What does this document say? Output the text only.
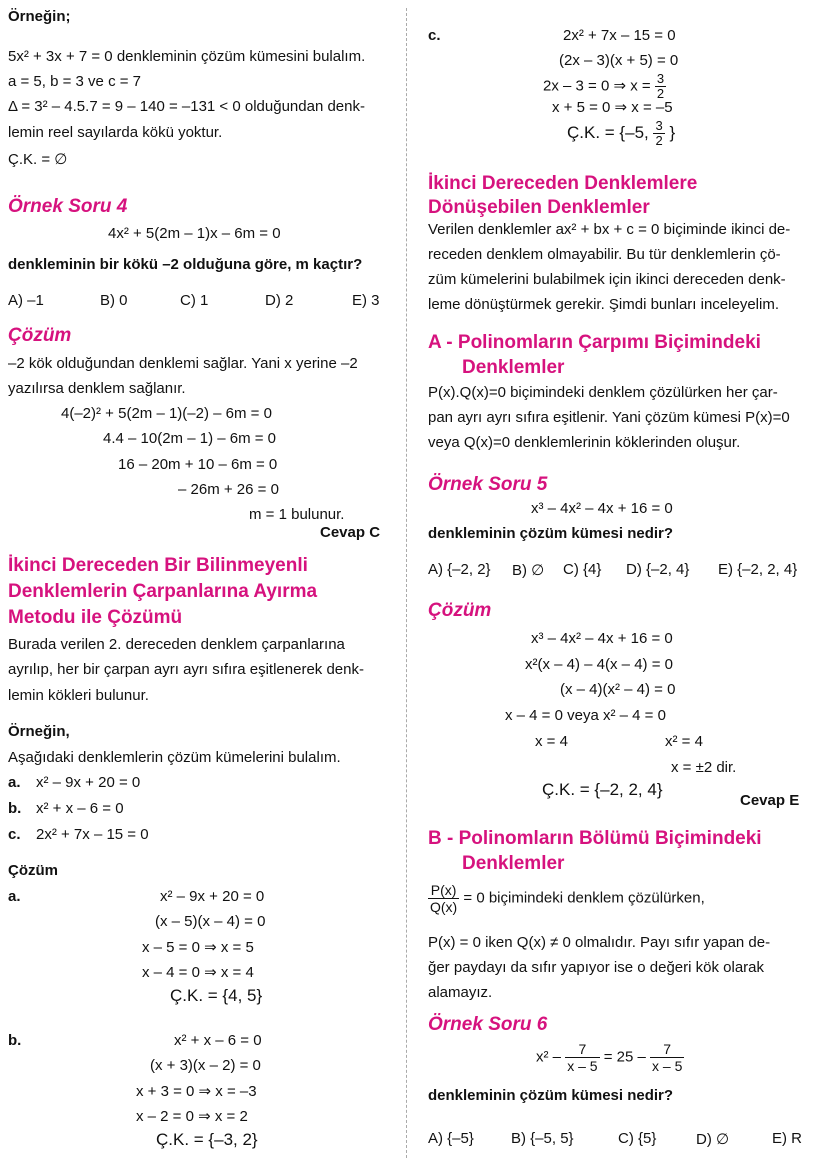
Örneğin;
5x² + 3x + 7 = 0 denkleminin çözüm kümesini bulalım.
a = 5, b = 3 ve c = 7
Δ = 3² – 4.5.7 = 9 – 140 = –131 < 0 olduğundan denk-
lemin reel sayılarda kökü yoktur.
Ç.K. = ∅
Örnek Soru 4
4x² + 5(2m – 1)x – 6m = 0
denkleminin bir kökü –2 olduğuna göre, m kaçtır?
A) –1	B) 0	C) 1	D) 2	E) 3
Çözüm
–2 kök olduğundan denklemi sağlar. Yani x yerine –2
yazılırsa denklem sağlanır.
4(–2)² + 5(2m – 1)(–2) – 6m = 0
4.4 – 10(2m – 1) – 6m = 0
16 – 20m + 10 – 6m = 0
– 26m + 26 = 0
m = 1 bulunur.
Cevap C
İkinci Dereceden Bir Bilinmeyenli
Denklemlerin Çarpanlarına Ayırma
Metodu ile Çözümü
Burada verilen 2. dereceden denklem çarpanlarına
ayrılıp, her bir çarpan ayrı ayrı sıfıra eşitlenerek denk-
lemin kökleri bulunur.
Örneğin,
Aşağıdaki denklemlerin çözüm kümelerini bulalım.
a. x² – 9x + 20 = 0
b. x² + x – 6 = 0
c. 2x² + 7x – 15 = 0
Çözüm
a.	x² – 9x + 20 = 0
(x – 5)(x – 4) = 0
x – 5 = 0 ⇒ x = 5
x – 4 = 0 ⇒ x = 4
Ç.K. = {4, 5}
b.	x² + x – 6 = 0
(x + 3)(x – 2) = 0
x + 3 = 0 ⇒ x = –3
x – 2 = 0 ⇒ x = 2
Ç.K. = {–3, 2}
c.	2x² + 7x – 15 = 0
(2x – 3)(x + 5) = 0
2x – 3 = 0 ⇒ $x = \frac{3}{2}$
x + 5 = 0 ⇒ x = –5
Ç.K. = {–5, $\frac{3}{2}$ }
İkinci Dereceden Denklemlere
Dönüşebilen Denklemler
Verilen denklemler ax² + bx + c = 0 biçiminde ikinci de-
receden denklem olmayabilir. Bu tür denklemlerin çö-
züm kümelerini bulabilmek için ikinci dereceden denk-
leme dönüştürmek gerekir. Şimdi bunları inceleyelim.
A - Polinomların Çarpımı Biçimindeki
Denklemler
P(x).Q(x)=0 biçimindeki denklem çözülürken her çar-
pan ayrı ayrı sıfıra eşitlenir. Yani çözüm kümesi P(x)=0
veya Q(x)=0 denklemlerinin köklerinden oluşur.
Örnek Soru 5
x³ – 4x² – 4x + 16 = 0
denkleminin çözüm kümesi nedir?
A) {–2, 2} B) ∅ C) {4} D) {–2, 4} E) {–2, 2, 4}
Çözüm
x³ – 4x² – 4x + 16 = 0
x²(x – 4) – 4(x – 4) = 0
(x – 4)(x² – 4) = 0
x – 4 = 0 veya x² – 4 = 0
x = 4	x² = 4
x = ±2 dir.
Ç.K. = {–2, 2, 4}
Cevap E
B - Polinomların Bölümü Biçimindeki
Denklemler
$\frac{P(x)}{Q(x)} = 0$ biçimindeki denklem çözülürken,
P(x) = 0 iken Q(x) ≠ 0 olmalıdır. Payı sıfır yapan de-
ğer paydayı da sıfır yapıyor ise o değeri kök olarak
alamayız.
Örnek Soru 6
$x^2 - \frac{7}{x - 5} = 25 - \frac{7}{x - 5}$
denkleminin çözüm kümesi nedir?
A) {–5} B) {–5, 5}	C) {5}	D) ∅	E) R
